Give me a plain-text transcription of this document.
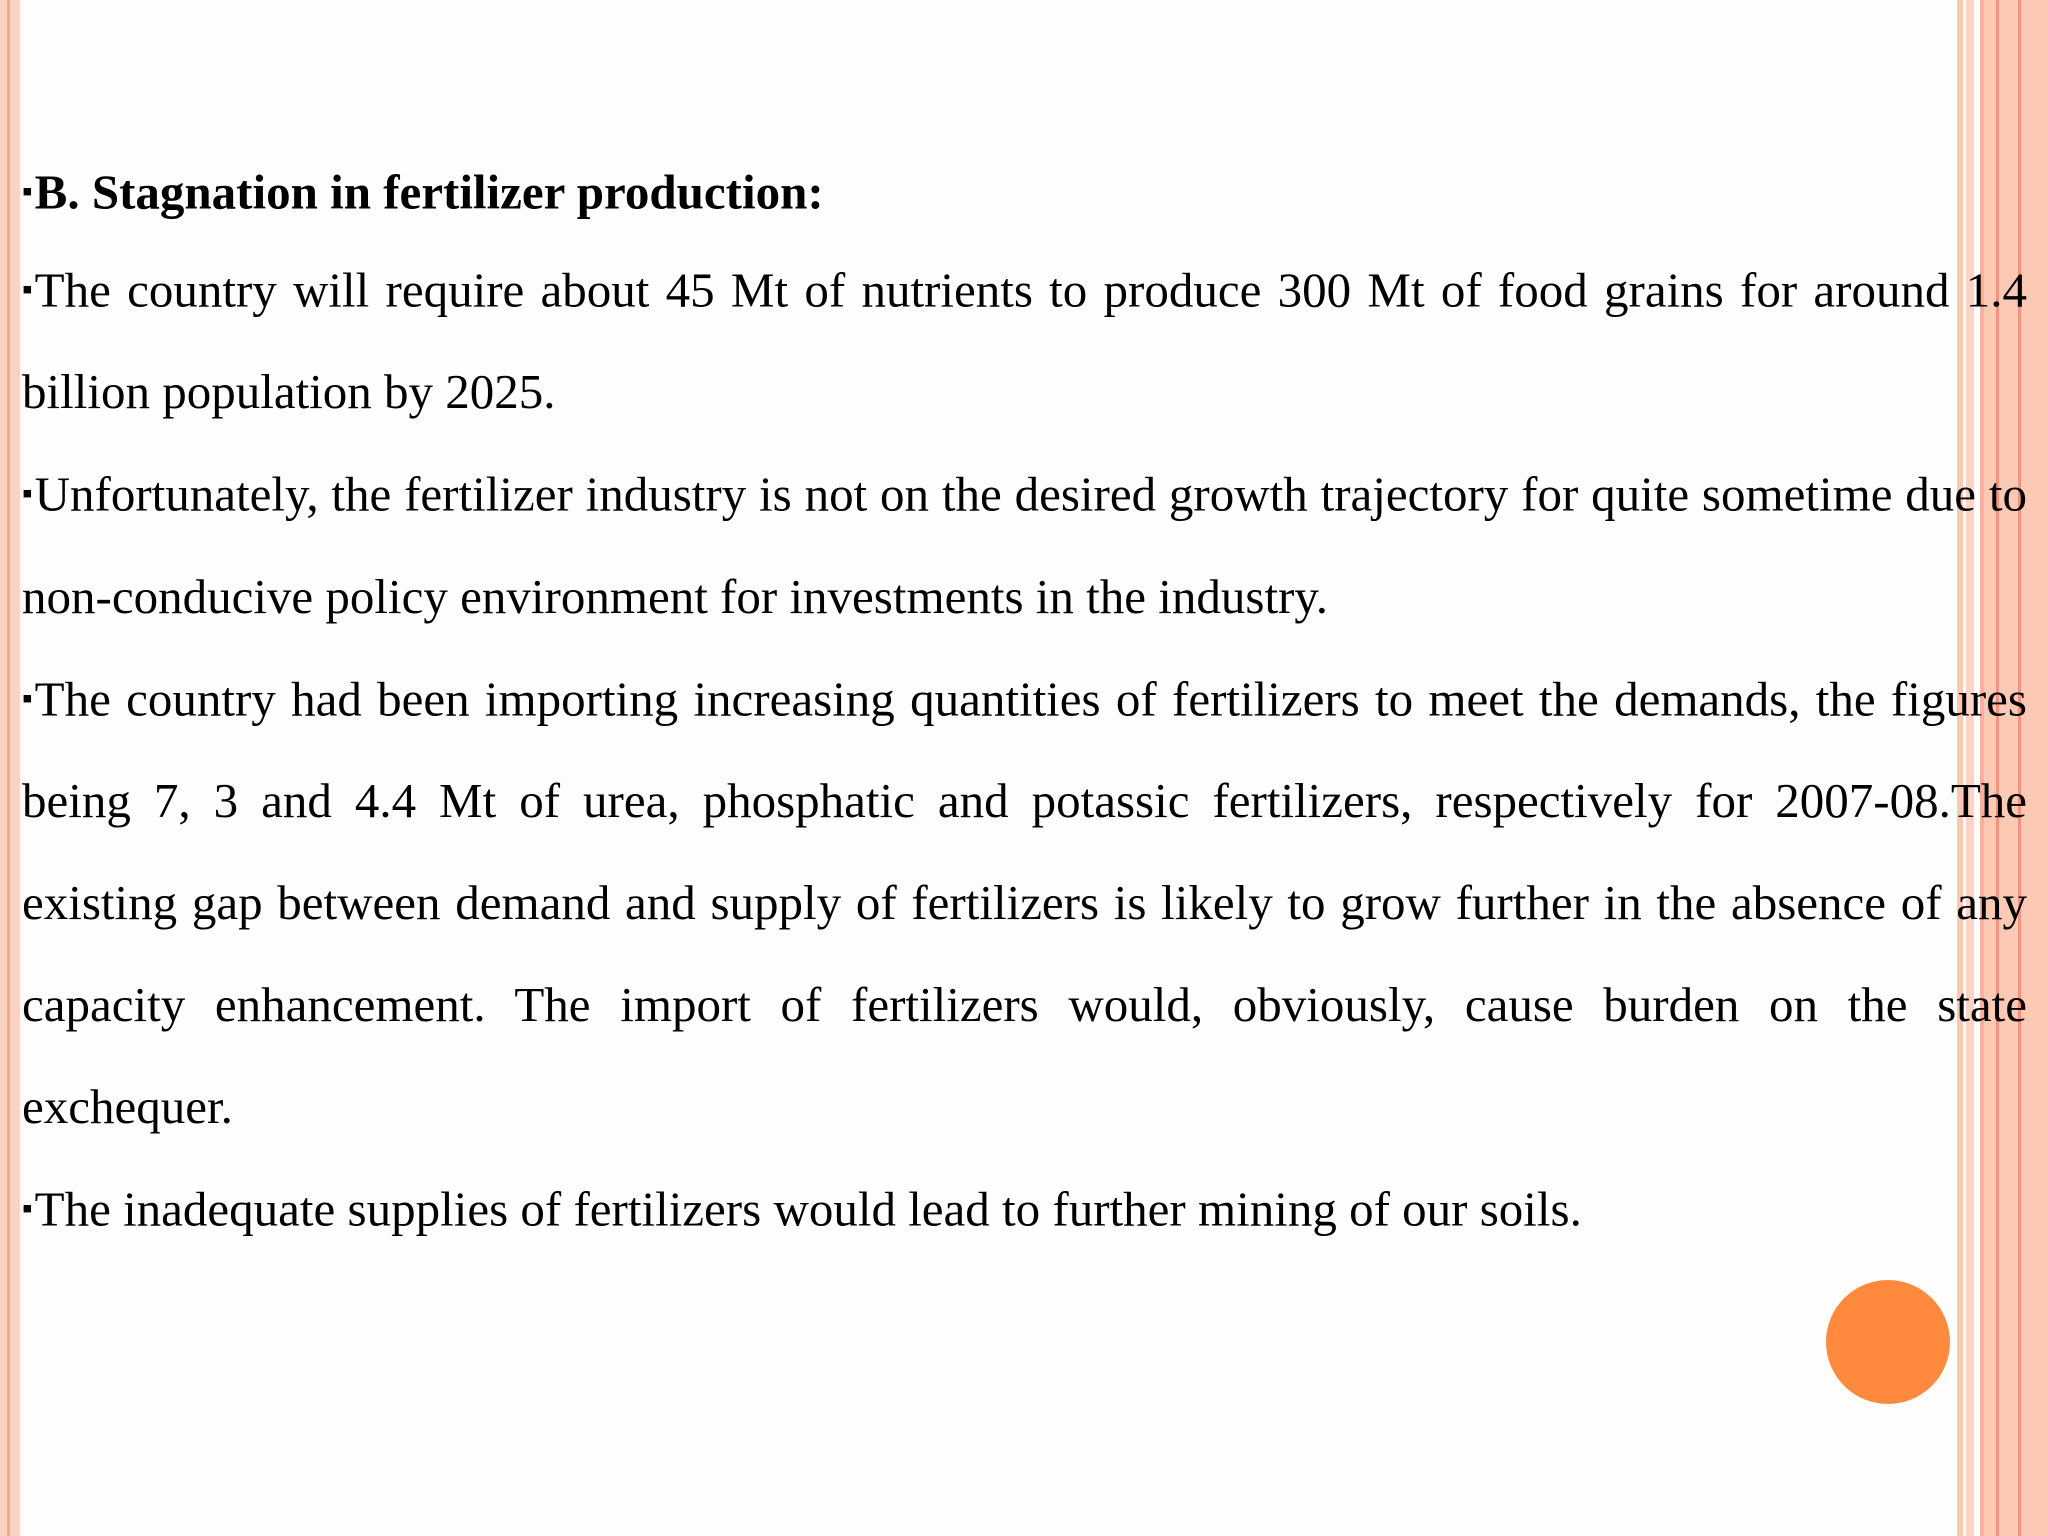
▪B. Stagnation in fertilizer production:

▪The country will require about 45 Mt of nutrients to produce 300 Mt of food grains for around 1.4 billion population by 2025.

▪Unfortunately, the fertilizer industry is not on the desired growth trajectory for quite sometime due to non-conducive policy environment for investments in the industry.

▪The country had been importing increasing quantities of fertilizers to meet the demands, the figures being 7, 3 and 4.4 Mt of urea, phosphatic and potassic fertilizers, respectively for 2007-08.The existing gap between demand and supply of fertilizers is likely to grow further in the absence of any capacity enhancement. The import of fertilizers would, obviously, cause burden on the state exchequer.

▪The inadequate supplies of fertilizers would lead to further mining of our soils.
